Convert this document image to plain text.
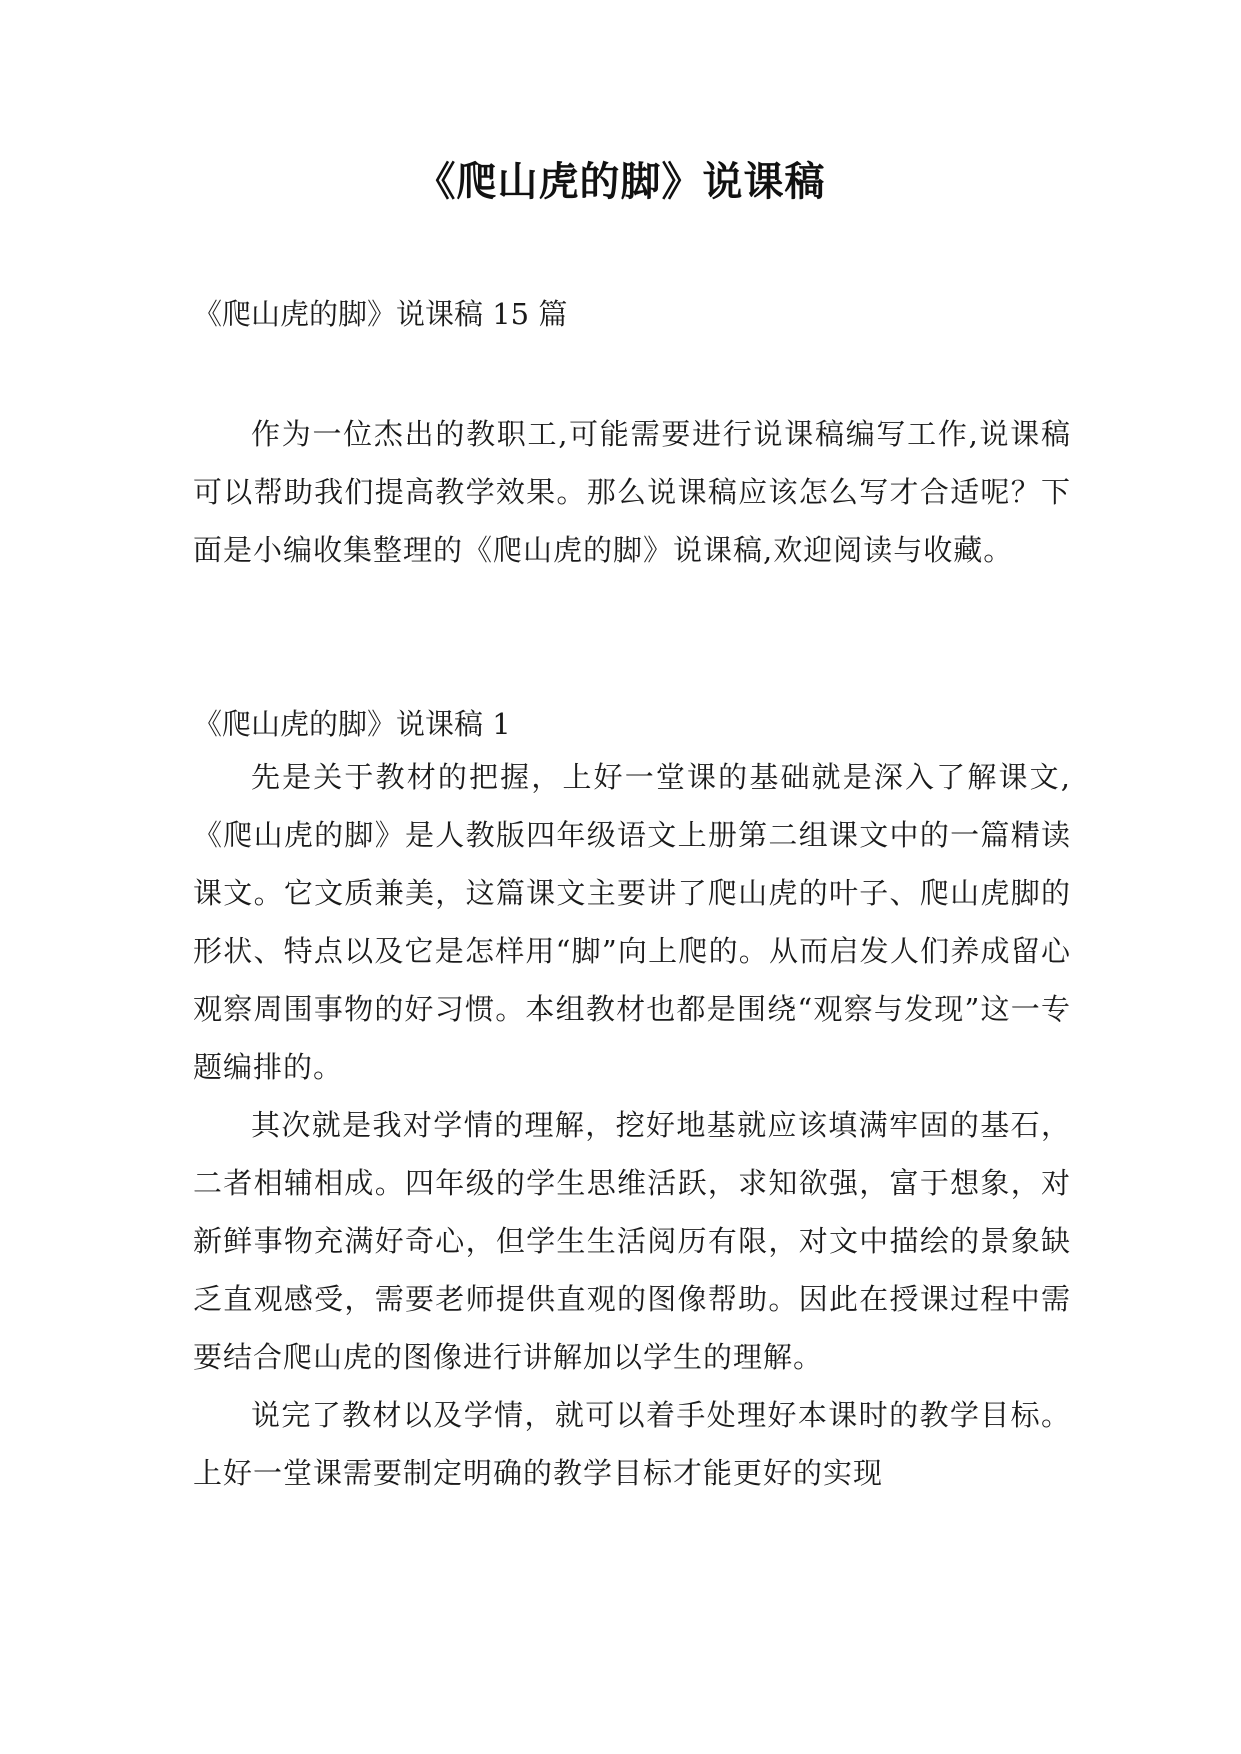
《爬山虎的脚》说课稿
《爬山虎的脚》说课稿 15 篇

作为一位杰出的教职工,可能需要进行说课稿编写工作,说课稿可以帮助我们提高教学效果。那么说课稿应该怎么写才合适呢？下面是小编收集整理的《爬山虎的脚》说课稿,欢迎阅读与收藏。

《爬山虎的脚》说课稿 1

先是关于教材的把握，上好一堂课的基础就是深入了解课文,《爬山虎的脚》是人教版四年级语文上册第二组课文中的一篇精读课文。它文质兼美，这篇课文主要讲了爬山虎的叶子、爬山虎脚的形状、特点以及它是怎样用“脚”向上爬的。从而启发人们养成留心观察周围事物的好习惯。本组教材也都是围绕“观察与发现”这一专题编排的。

其次就是我对学情的理解，挖好地基就应该填满牢固的基石，二者相辅相成。四年级的学生思维活跃，求知欲强，富于想象，对新鲜事物充满好奇心，但学生生活阅历有限，对文中描绘的景象缺乏直观感受，需要老师提供直观的图像帮助。因此在授课过程中需要结合爬山虎的图像进行讲解加以学生的理解。

说完了教材以及学情，就可以着手处理好本课时的教学目标。上好一堂课需要制定明确的教学目标才能更好的实现
